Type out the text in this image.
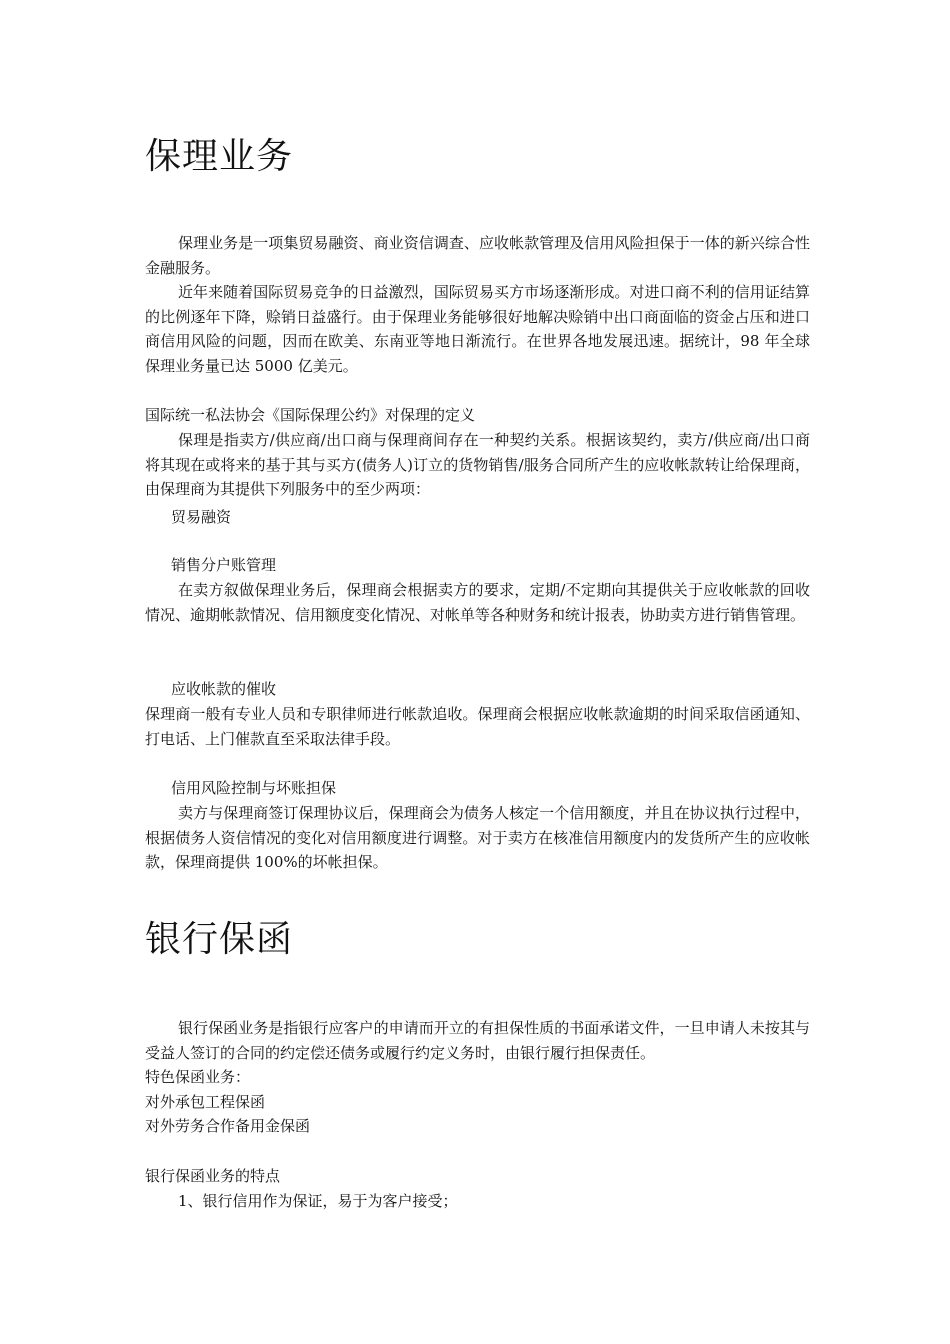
保理业务

保理业务是一项集贸易融资、商业资信调查、应收帐款管理及信用风险担保于一体的新兴综合性金融服务。

近年来随着国际贸易竞争的日益激烈，国际贸易买方市场逐渐形成。对进口商不利的信用证结算的比例逐年下降，赊销日益盛行。由于保理业务能够很好地解决赊销中出口商面临的资金占压和进口商信用风险的问题，因而在欧美、东南亚等地日渐流行。在世界各地发展迅速。据统计，98 年全球保理业务量已达 5000 亿美元。

国际统一私法协会《国际保理公约》对保理的定义

保理是指卖方/供应商/出口商与保理商间存在一种契约关系。根据该契约，卖方/供应商/出口商将其现在或将来的基于其与买方(债务人)订立的货物销售/服务合同所产生的应收帐款转让给保理商，由保理商为其提供下列服务中的至少两项：

贸易融资
销售分户账管理

在卖方叙做保理业务后，保理商会根据卖方的要求，定期/不定期向其提供关于应收帐款的回收情况、逾期帐款情况、信用额度变化情况、对帐单等各种财务和统计报表，协助卖方进行销售管理。

应收帐款的催收

保理商一般有专业人员和专职律师进行帐款追收。保理商会根据应收帐款逾期的时间采取信函通知、打电话、上门催款直至采取法律手段。

信用风险控制与坏账担保

卖方与保理商签订保理协议后，保理商会为债务人核定一个信用额度，并且在协议执行过程中，根据债务人资信情况的变化对信用额度进行调整。对于卖方在核准信用额度内的发货所产生的应收帐款，保理商提供 100%的坏帐担保。

银行保函

银行保函业务是指银行应客户的申请而开立的有担保性质的书面承诺文件，一旦申请人未按其与受益人签订的合同的约定偿还债务或履行约定义务时，由银行履行担保责任。

特色保函业务：
对外承包工程保函
对外劳务合作备用金保函
银行保函业务的特点
1、银行信用作为保证，易于为客户接受；
